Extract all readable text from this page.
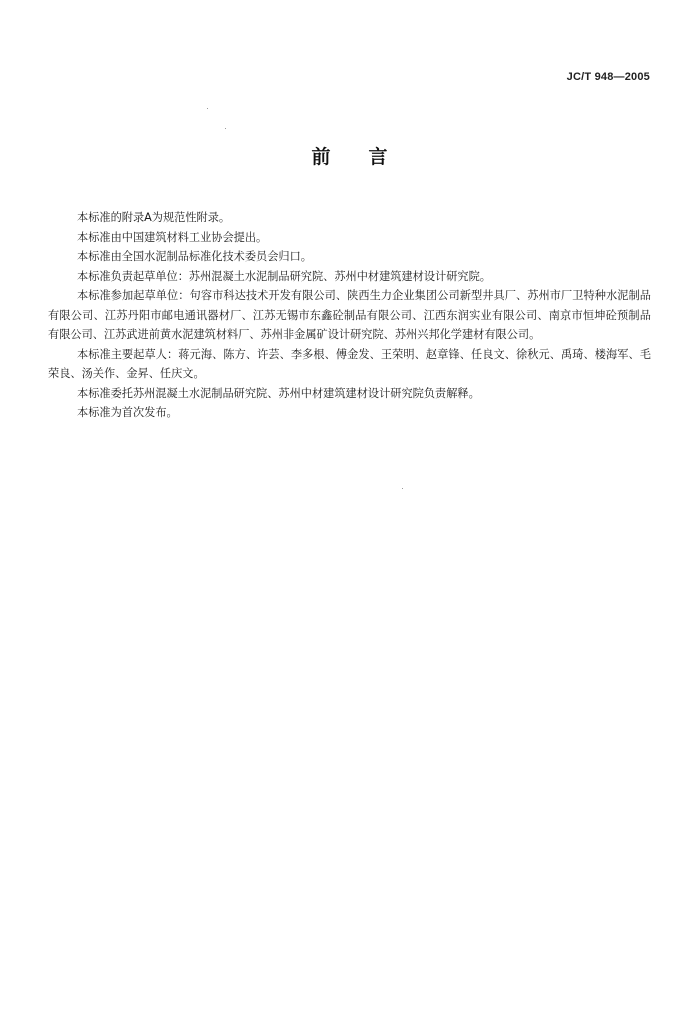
JC/T 948—2005
前言

本标准的附录A为规范性附录。

本标准由中国建筑材料工业协会提出。

本标准由全国水泥制品标准化技术委员会归口。

本标准负责起草单位：苏州混凝土水泥制品研究院、苏州中材建筑建材设计研究院。

本标准参加起草单位：句容市科达技术开发有限公司、陕西生力企业集团公司新型井具厂、苏州市厂卫特种水泥制品有限公司、江苏丹阳市邮电通讯器材厂、江苏无锡市东鑫砼制品有限公司、江西东润实业有限公司、南京市恒坤砼预制品有限公司、江苏武进前黄水泥建筑材料厂、苏州非金属矿设计研究院、苏州兴邦化学建材有限公司。

本标准主要起草人：蒋元海、陈方、许芸、李多根、傅金发、王荣明、赵章锋、任良文、徐秋元、禹琦、楼海军、毛荣良、汤关作、金昇、任庆文。

本标准委托苏州混凝土水泥制品研究院、苏州中材建筑建材设计研究院负责解释。

本标准为首次发布。
